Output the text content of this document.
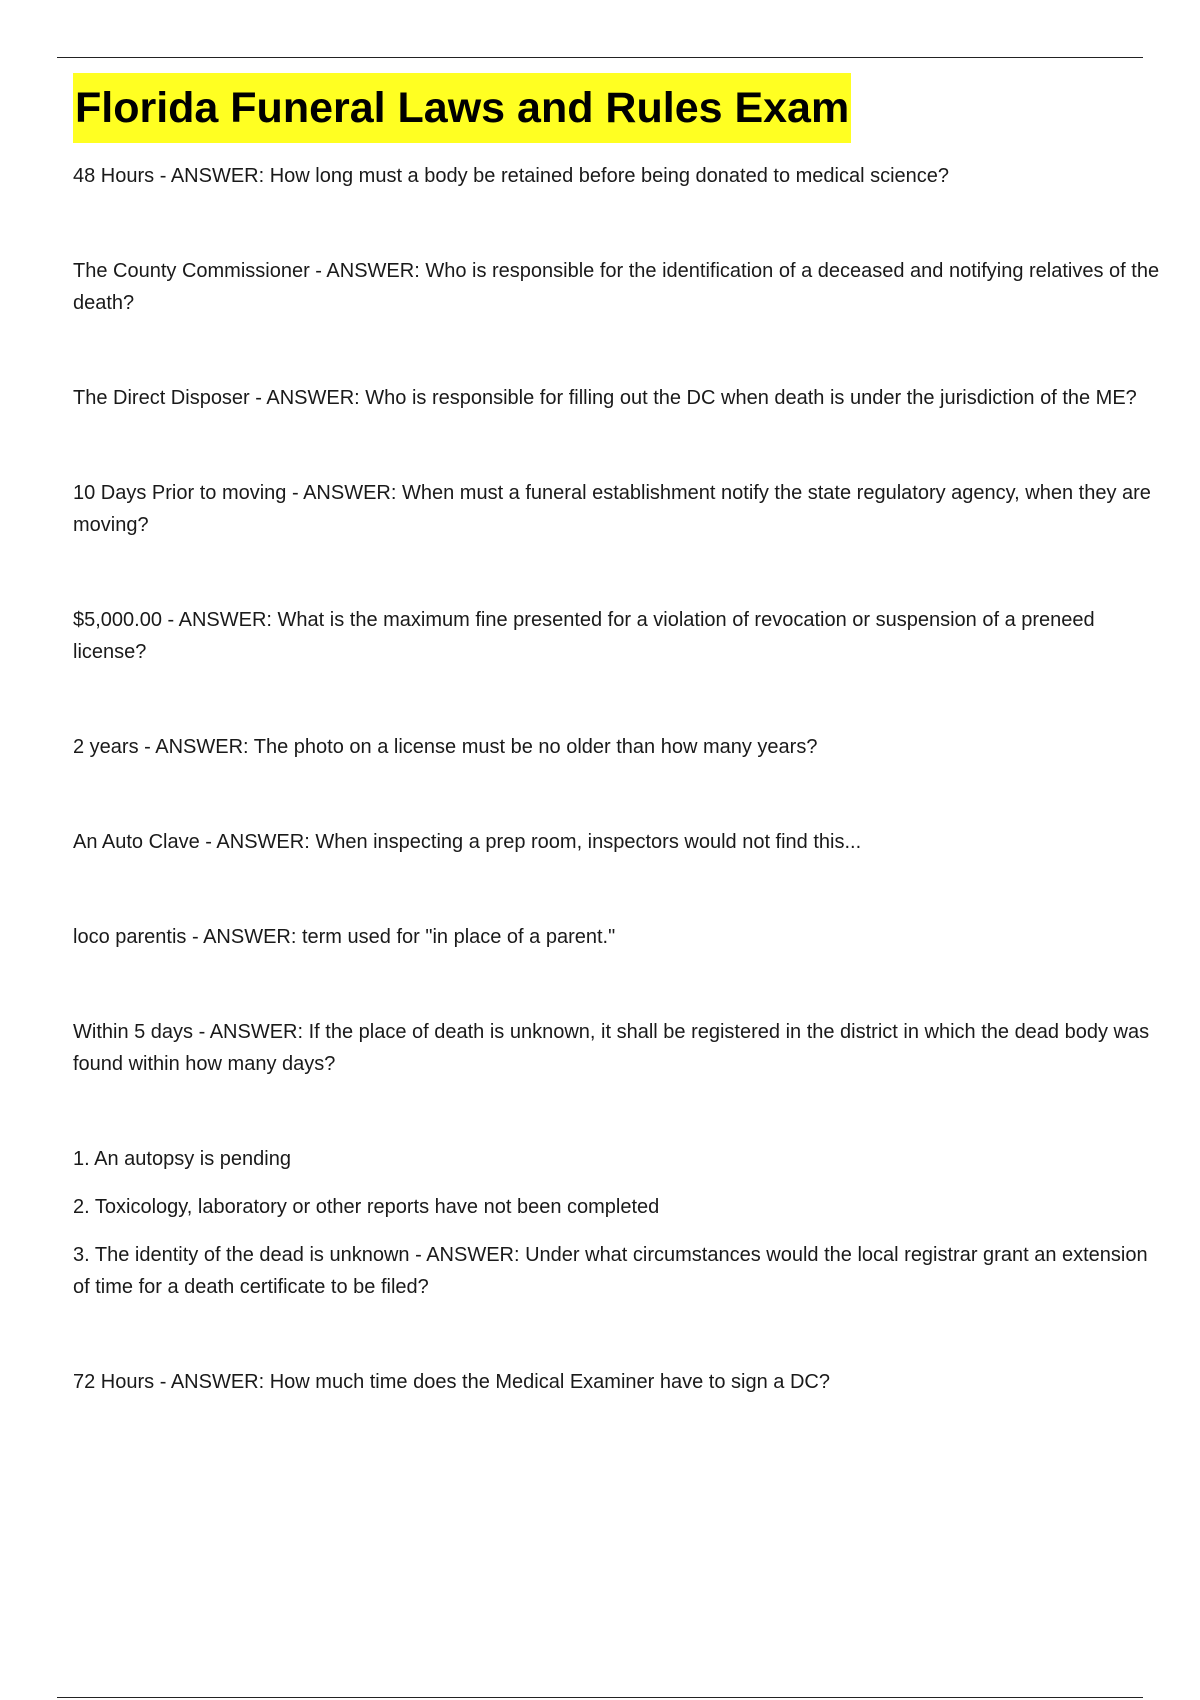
Florida Funeral Laws and Rules Exam

48 Hours - ANSWER: How long must a body be retained before being donated to medical science?

The County Commissioner - ANSWER: Who is responsible for the identification of a deceased and notifying relatives of the death?

The Direct Disposer - ANSWER: Who is responsible for filling out the DC when death is under the jurisdiction of the ME?

10 Days Prior to moving - ANSWER: When must a funeral establishment notify the state regulatory agency, when they are moving?

$5,000.00 - ANSWER: What is the maximum fine presented for a violation of revocation or suspension of a preneed license?

2 years - ANSWER: The photo on a license must be no older than how many years?

An Auto Clave - ANSWER: When inspecting a prep room, inspectors would not find this...

loco parentis - ANSWER: term used for "in place of a parent."

Within 5 days - ANSWER: If the place of death is unknown, it shall be registered in the district in which the dead body was found within how many days?

1. An autopsy is pending
2. Toxicology, laboratory or other reports have not been completed
3. The identity of the dead is unknown - ANSWER: Under what circumstances would the local registrar grant an extension of time for a death certificate to be filed?

72 Hours - ANSWER: How much time does the Medical Examiner have to sign a DC?
